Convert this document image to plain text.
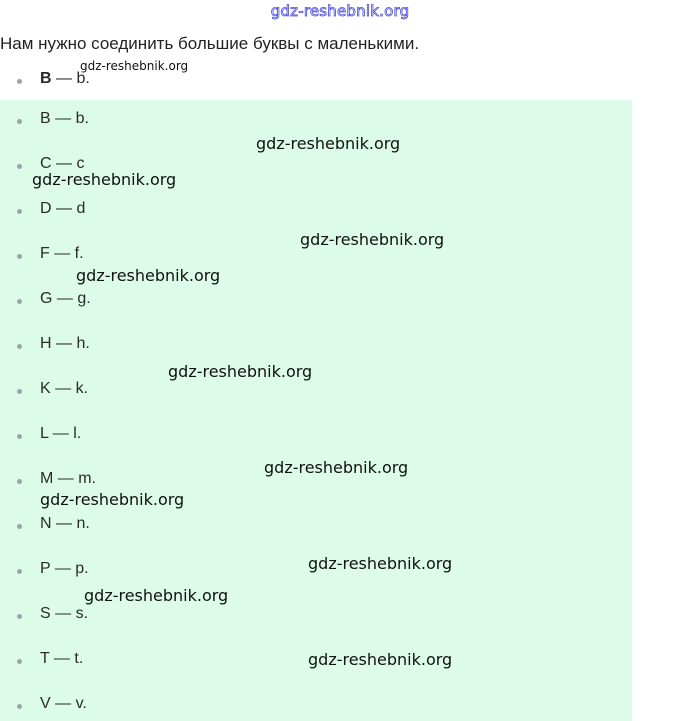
gdz-reshebnik.org
Нам нужно соединить большие буквы с маленькими.
B — b.
B — b.
C — c
D — d
F — f.
G — g.
H — h.
K — k.
L — l.
M — m.
N — n.
P — p.
S — s.
T — t.
V — v.
gdz-reshebnik.org
gdz-reshebnik.org
gdz-reshebnik.org
gdz-reshebnik.org
gdz-reshebnik.org
gdz-reshebnik.org
gdz-reshebnik.org
gdz-reshebnik.org
gdz-reshebnik.org
gdz-reshebnik.org
gdz-reshebnik.org
